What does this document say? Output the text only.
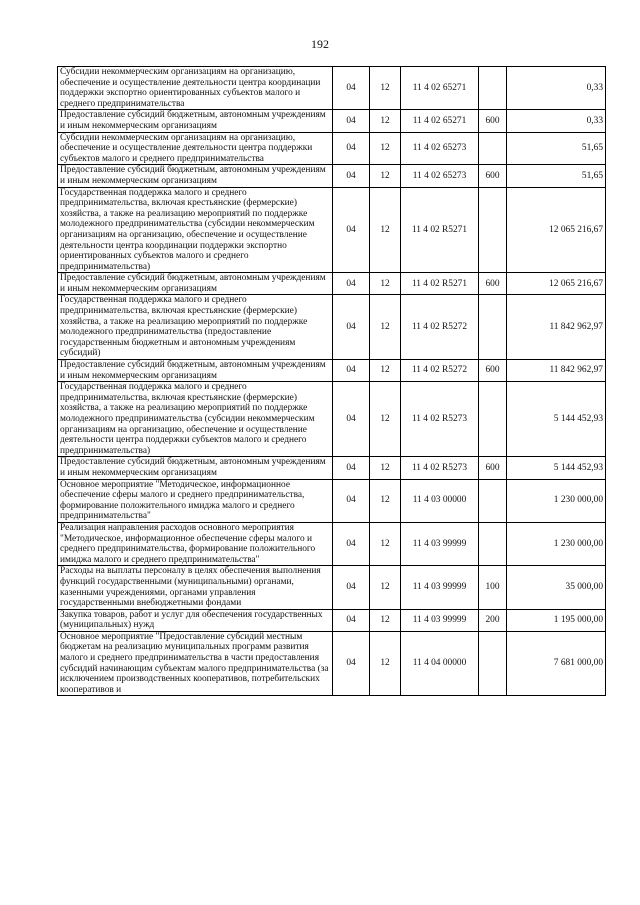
192
Субсидии некоммерческим организациям на организацию, обеспечение и осуществление деятельности центра координации поддержки экспортно ориентированных субъектов малого и среднего предпринимательства	04	12	11 4 02 65271		0,33
Предоставление субсидий бюджетным, автономным учреждениям и иным некоммерческим организациям	04	12	11 4 02 65271	600	0,33
Субсидии некоммерческим организациям на организацию, обеспечение и осуществление деятельности центра поддержки субъектов малого и среднего предпринимательства	04	12	11 4 02 65273		51,65
Предоставление субсидий бюджетным, автономным учреждениям и иным некоммерческим организациям	04	12	11 4 02 65273	600	51,65
Государственная поддержка малого и среднего предпринимательства, включая крестьянские (фермерские) хозяйства, а также на реализацию мероприятий по поддержке молодежного предпринимательства (субсидии некоммерческим организациям на организацию, обеспечение и осуществление деятельности центра координации поддержки экспортно ориентированных субъектов малого и среднего предпринимательства)	04	12	11 4 02 R5271		12 065 216,67
Предоставление субсидий бюджетным, автономным учреждениям и иным некоммерческим организациям	04	12	11 4 02 R5271	600	12 065 216,67
Государственная поддержка малого и среднего предпринимательства, включая крестьянские (фермерские) хозяйства, а также на реализацию мероприятий по поддержке молодежного предпринимательства (предоставление государственным бюджетным и автономным учреждениям субсидий)	04	12	11 4 02 R5272		11 842 962,97
Предоставление субсидий бюджетным, автономным учреждениям и иным некоммерческим организациям	04	12	11 4 02 R5272	600	11 842 962,97
Государственная поддержка малого и среднего предпринимательства, включая крестьянские (фермерские) хозяйства, а также на реализацию мероприятий по поддержке молодежного предпринимательства (субсидии некоммерческим организациям на организацию, обеспечение и осуществление деятельности центра поддержки субъектов малого и среднего предпринимательства)	04	12	11 4 02 R5273		5 144 452,93
Предоставление субсидий бюджетным, автономным учреждениям и иным некоммерческим организациям	04	12	11 4 02 R5273	600	5 144 452,93
Основное мероприятие "Методическое, информационное обеспечение сферы малого и среднего предпринимательства, формирование положительного имиджа малого и среднего предпринимательства"	04	12	11 4 03 00000		1 230 000,00
Реализация направления расходов основного мероприятия "Методическое, информационное обеспечение сферы малого и среднего предпринимательства, формирование положительного имиджа малого и среднего предпринимательства"	04	12	11 4 03 99999		1 230 000,00
Расходы на выплаты персоналу в целях обеспечения выполнения функций государственными (муниципальными) органами, казенными учреждениями, органами управления государственными внебюджетными фондами	04	12	11 4 03 99999	100	35 000,00
Закупка товаров, работ и услуг для обеспечения государственных (муниципальных) нужд	04	12	11 4 03 99999	200	1 195 000,00
Основное мероприятие "Предоставление субсидий местным бюджетам на реализацию муниципальных программ развития малого и среднего предпринимательства в части предоставления субсидий начинающим субъектам малого предпринимательства (за исключением производственных кооперативов, потребительских кооперативов и	04	12	11 4 04 00000		7 681 000,00
